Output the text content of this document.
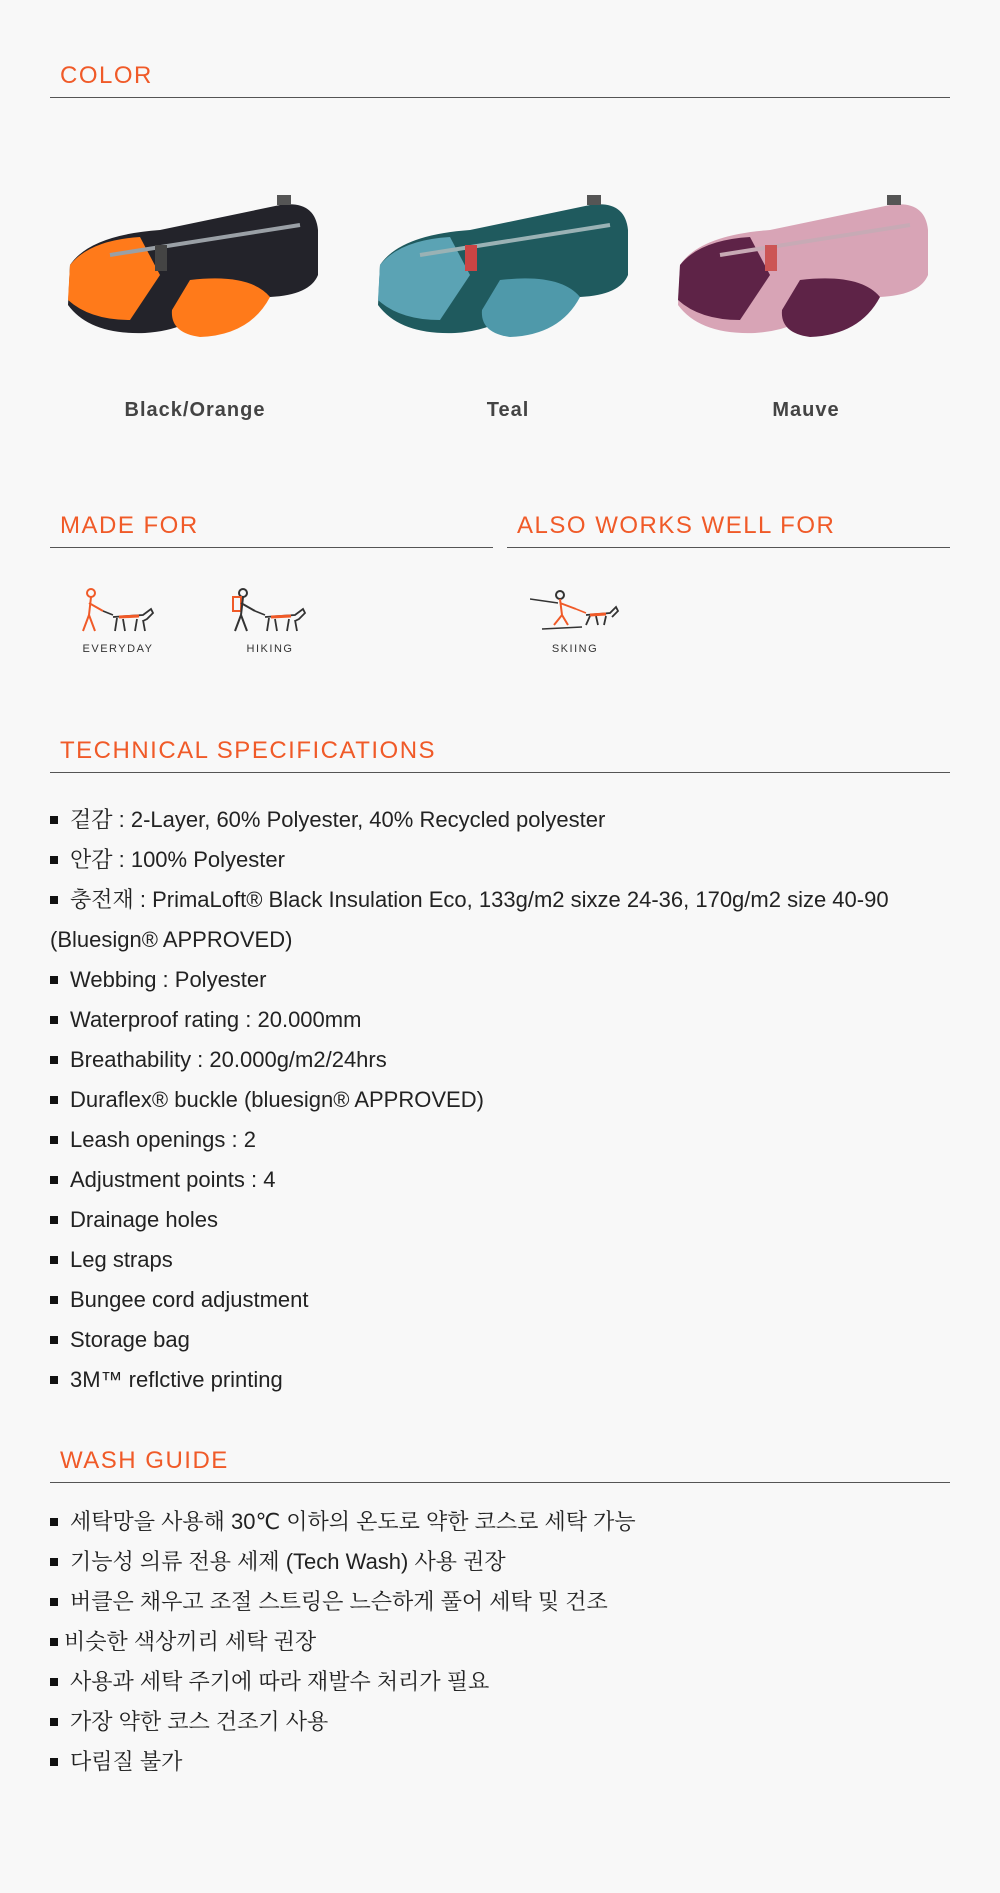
COLOR
Black/Orange	Teal	Mauve
MADE FOR	ALSO WORKS WELL FOR
EVERYDAY	HIKING	SKIING
TECHNICAL SPECIFICATIONS
겉감 : 2-Layer, 60% Polyester, 40% Recycled polyester
안감 : 100% Polyester
충전재 : PrimaLoft® Black Insulation Eco, 133g/m2 sixze 24-36, 170g/m2 size 40-90
(Bluesign® APPROVED)
Webbing : Polyester
Waterproof rating : 20.000mm
Breathability : 20.000g/m2/24hrs
Duraflex® buckle (bluesign® APPROVED)
Leash openings : 2
Adjustment points : 4
Drainage holes
Leg straps
Bungee cord adjustment
Storage bag
3M™ reflctive printing
WASH GUIDE
세탁망을 사용해 30℃ 이하의 온도로 약한 코스로 세탁 가능
기능성 의류 전용 세제 (Tech Wash) 사용 권장
버클은 채우고 조절 스트링은 느슨하게 풀어 세탁 및 건조
비슷한 색상끼리 세탁 권장
사용과 세탁 주기에 따라 재발수 처리가 필요
가장 약한 코스 건조기 사용
다림질 불가
